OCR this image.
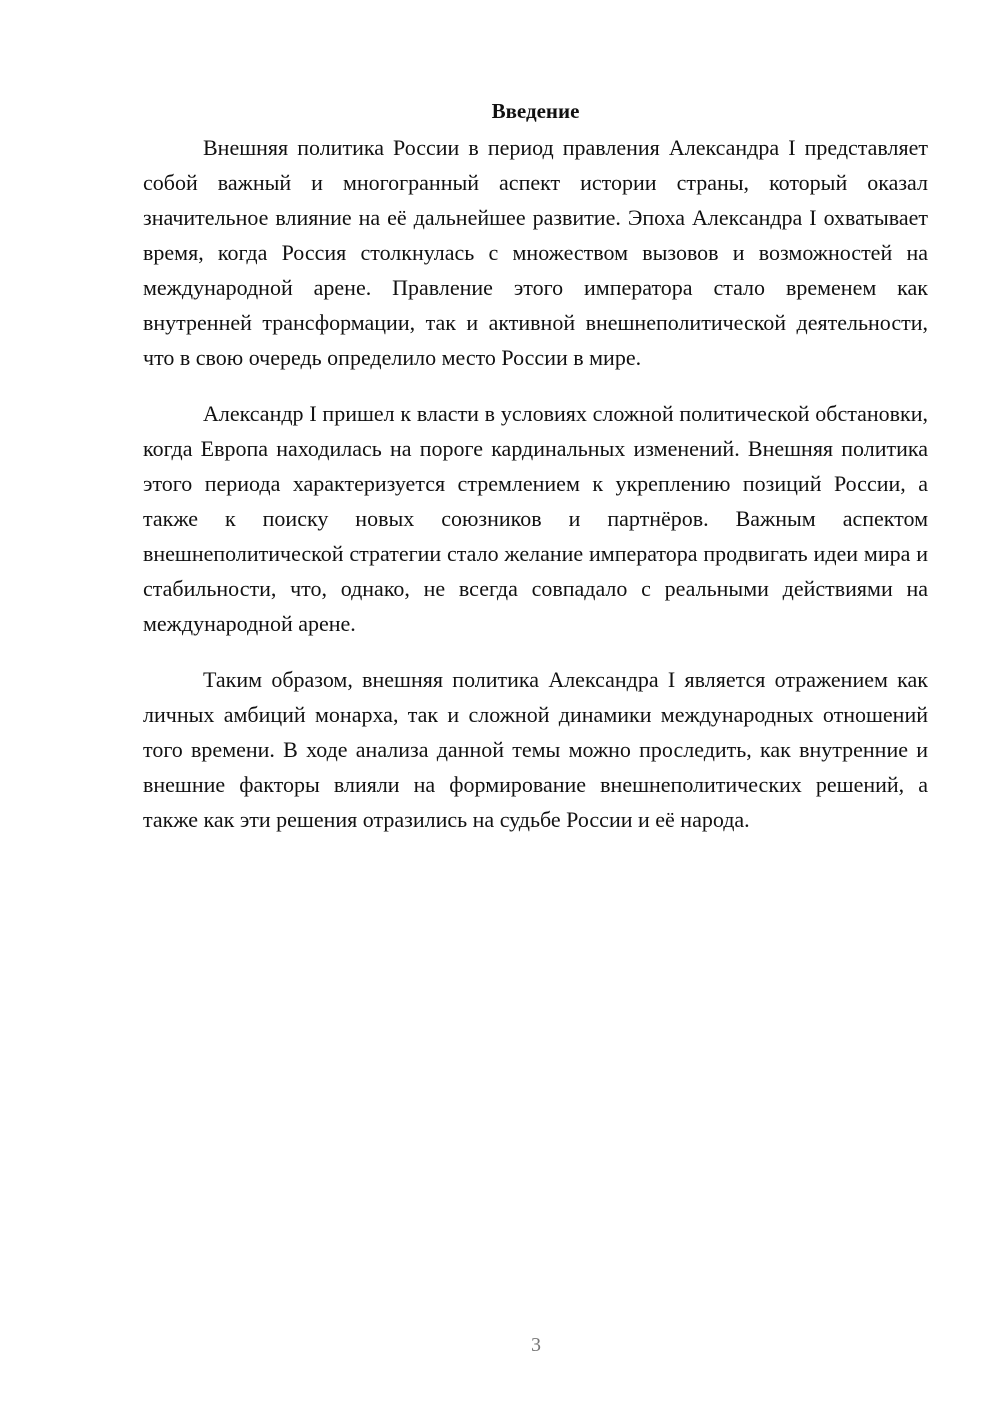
Введение

Внешняя политика России в период правления Александра I представляет собой важный и многогранный аспект истории страны, который оказал значительное влияние на её дальнейшее развитие. Эпоха Александра I охватывает время, когда Россия столкнулась с множеством вызовов и возможностей на международной арене. Правление этого императора стало временем как внутренней трансформации, так и активной внешнеполитической деятельности, что в свою очередь определило место России в мире.

Александр I пришел к власти в условиях сложной политической обстановки, когда Европа находилась на пороге кардинальных изменений. Внешняя политика этого периода характеризуется стремлением к укреплению позиций России, а также к поиску новых союзников и партнёров. Важным аспектом внешнеполитической стратегии стало желание императора продвигать идеи мира и стабильности, что, однако, не всегда совпадало с реальными действиями на международной арене.

Таким образом, внешняя политика Александра I является отражением как личных амбиций монарха, так и сложной динамики международных отношений того времени. В ходе анализа данной темы можно проследить, как внутренние и внешние факторы влияли на формирование внешнеполитических решений, а также как эти решения отразились на судьбе России и её народа.

3
